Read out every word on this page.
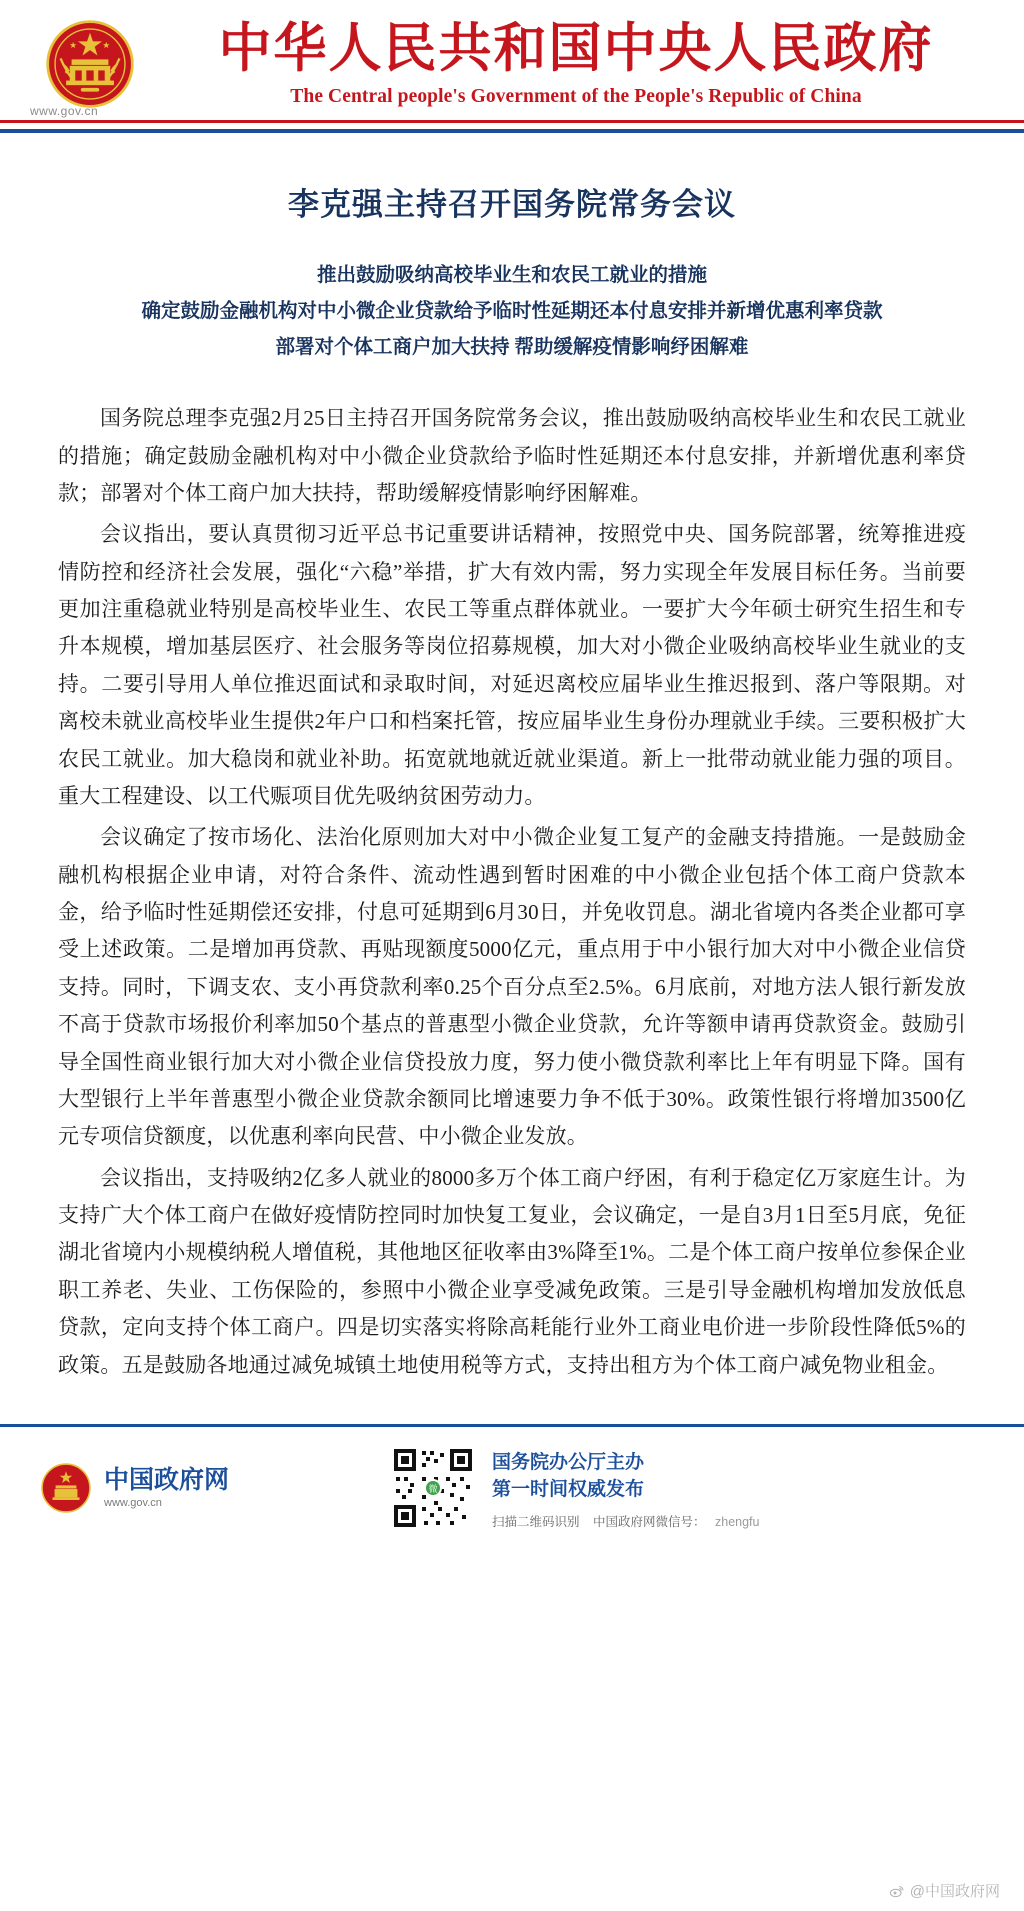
www.gov.cn
中华人民共和国中央人民政府
The Central people's Government of the People's Republic of China
李克强主持召开国务院常务会议
推出鼓励吸纳高校毕业生和农民工就业的措施
确定鼓励金融机构对中小微企业贷款给予临时性延期还本付息安排并新增优惠利率贷款
部署对个体工商户加大扶持 帮助缓解疫情影响纾困解难

国务院总理李克强2月25日主持召开国务院常务会议，推出鼓励吸纳高校毕业生和农民工就业的措施；确定鼓励金融机构对中小微企业贷款给予临时性延期还本付息安排，并新增优惠利率贷款；部署对个体工商户加大扶持，帮助缓解疫情影响纾困解难。

会议指出，要认真贯彻习近平总书记重要讲话精神，按照党中央、国务院部署，统筹推进疫情防控和经济社会发展，强化“六稳”举措，扩大有效内需，努力实现全年发展目标任务。当前要更加注重稳就业特别是高校毕业生、农民工等重点群体就业。一要扩大今年硕士研究生招生和专升本规模，增加基层医疗、社会服务等岗位招募规模，加大对小微企业吸纳高校毕业生就业的支持。二要引导用人单位推迟面试和录取时间，对延迟离校应届毕业生推迟报到、落户等限期。对离校未就业高校毕业生提供2年户口和档案托管，按应届毕业生身份办理就业手续。三要积极扩大农民工就业。加大稳岗和就业补助。拓宽就地就近就业渠道。新上一批带动就业能力强的项目。重大工程建设、以工代赈项目优先吸纳贫困劳动力。

会议确定了按市场化、法治化原则加大对中小微企业复工复产的金融支持措施。一是鼓励金融机构根据企业申请，对符合条件、流动性遇到暂时困难的中小微企业包括个体工商户贷款本金，给予临时性延期偿还安排，付息可延期到6月30日，并免收罚息。湖北省境内各类企业都可享受上述政策。二是增加再贷款、再贴现额度5000亿元，重点用于中小银行加大对中小微企业信贷支持。同时，下调支农、支小再贷款利率0.25个百分点至2.5%。6月底前，对地方法人银行新发放不高于贷款市场报价利率加50个基点的普惠型小微企业贷款，允许等额申请再贷款资金。鼓励引导全国性商业银行加大对小微企业信贷投放力度，努力使小微贷款利率比上年有明显下降。国有大型银行上半年普惠型小微企业贷款余额同比增速要力争不低于30%。政策性银行将增加3500亿元专项信贷额度，以优惠利率向民营、中小微企业发放。

会议指出，支持吸纳2亿多人就业的8000多万个体工商户纾困，有利于稳定亿万家庭生计。为支持广大个体工商户在做好疫情防控同时加快复工复业，会议确定，一是自3月1日至5月底，免征湖北省境内小规模纳税人增值税，其他地区征收率由3%降至1%。二是个体工商户按单位参保企业职工养老、失业、工伤保险的，参照中小微企业享受减免政策。三是引导金融机构增加发放低息贷款，定向支持个体工商户。四是切实落实将除高耗能行业外工商业电价进一步阶段性降低5%的政策。五是鼓励各地通过减免城镇土地使用税等方式，支持出租方为个体工商户减免物业租金。

中国政府网
www.gov.cn
微
国务院办公厅主办
第一时间权威发布
扫描二维码识别 中国政府网微信号： zhengfu
@中国政府网
